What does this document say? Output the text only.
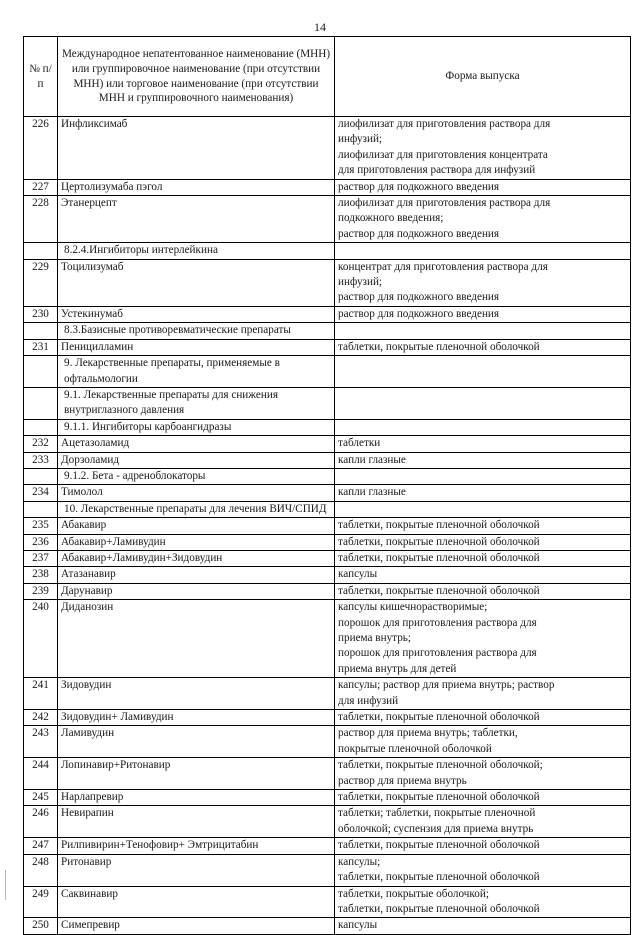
14
№ п/п	Международное непатентованное наименование (МНН) или группировочное наименование (при отсутствии МНН) или торговое наименование (при отсутствии МНН и группировочного наименования)	Форма выпуска
226	Инфликсимаб	лиофилизат для приготовления раствора для
инфузий;
лиофилизат для приготовления концентрата
для приготовления раствора для инфузий

227	Цертолизумаба пэгол	раствор для подкожного введения

228	Этанерцепт	лиофилизат для приготовления раствора для
подкожного введения;
раствор для подкожного введения

	8.2.4.Ингибиторы интерлейкина	
229	Тоцилизумаб	концентрат для приготовления раствора для
инфузий;
раствор для подкожного введения

230	Устекинумаб	раствор для подкожного введения

	8.3.Базисные противоревматические препараты	
231	Пеницилламин	таблетки, покрытые пленочной оболочкой

	9. Лекарственные препараты, применяемые в офтальмологии	
	9.1. Лекарственные препараты для снижения внутриглазного давления	
	9.1.1. Ингибиторы карбоангидразы	
232	Ацетазоламид	таблетки

233	Дорзоламид	капли глазные

	9.1.2. Бета - адреноблокаторы	
234	Тимолол	капли глазные

	10. Лекарственные препараты для лечения ВИЧ/СПИД	
235	Абакавир	таблетки, покрытые пленочной оболочкой

236	Абакавир+Ламивудин	таблетки, покрытые пленочной оболочкой

237	Абакавир+Ламивудин+Зидовудин	таблетки, покрытые пленочной оболочкой

238	Атазанавир	капсулы

239	Дарунавир	таблетки, покрытые пленочной оболочкой

240	Диданозин	капсулы кишечнорастворимые;
порошок для приготовления раствора для
приема внутрь;
порошок для приготовления раствора для
приема внутрь для детей

241	Зидовудин	капсулы; раствор для приема внутрь; раствор
для инфузий

242	Зидовудин+ Ламивудин	таблетки, покрытые пленочной оболочкой

243	Ламивудин	раствор для приема внутрь; таблетки,
покрытые пленочной оболочкой

244	Лопинавир+Ритонавир	таблетки, покрытые пленочной оболочкой;
раствор для приема внутрь

245	Нарлапревир	таблетки, покрытые пленочной оболочкой

246	Невирапин	таблетки; таблетки, покрытые пленочной
оболочкой; суспензия для приема внутрь

247	Рилпивирин+Тенофовир+ Эмтрицитабин	таблетки, покрытые пленочной оболочкой

248	Ритонавир	капсулы;
таблетки, покрытые пленочной оболочкой

249	Саквинавир	таблетки, покрытые оболочкой;
таблетки, покрытые пленочной оболочкой

250	Симепревир	капсулы
